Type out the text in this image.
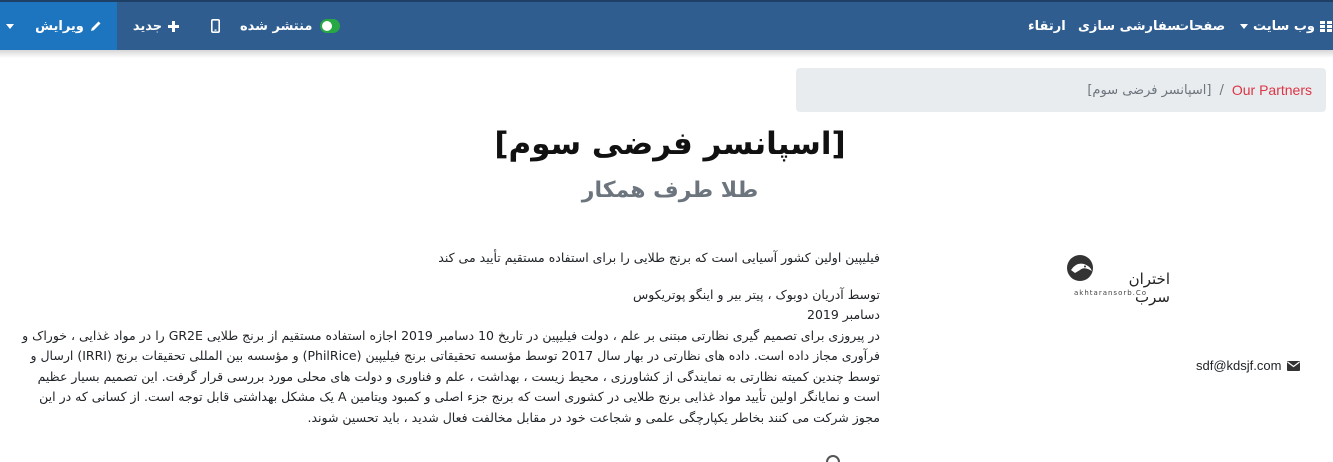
ویرایش	جدید	منتشر شده	ارتقاء سفارشی سازی
صفحات وب سایت
Our Partners
/
[اسپانسر فرضی سوم]
[اسپانسر فرضی سوم]
طلا طرف همکار
اختران سرب
akhtaransorb.Co
sdf@kdsjf.com

فیلیپین اولین کشور آسیایی است که برنج طلایی را برای استفاده مستقیم تأیید می کند

توسط آدریان دوبوک ، پیتر بیر و اینگو پوتریکوس

دسامبر 2019

در پیروزی برای تصمیم گیری نظارتی مبتنی بر علم ، دولت فیلیپین در تاریخ 10 دسامبر 2019 اجازه استفاده مستقیم از برنج طلایی GR2E را در مواد غذایی ، خوراک و فرآوری مجاز داده است. داده های نظارتی در بهار سال 2017 توسط مؤسسه تحقیقاتی برنج فیلیپین (PhilRice) و مؤسسه بین المللی تحقیقات برنج (IRRI) ارسال و توسط چندین کمیته نظارتی به نمایندگی از کشاورزی ، محیط زیست ، بهداشت ، علم و فناوری و دولت های محلی مورد بررسی قرار گرفت. این تصمیم بسیار عظیم است و نمایانگر اولین تأیید مواد غذایی برنج طلایی در کشوری است که برنج جزء اصلی و کمبود ویتامین A یک مشکل بهداشتی قابل توجه است. از کسانی که در این مجوز شرکت می کنند بخاطر یکپارچگی علمی و شجاعت خود در مقابل مخالفت فعال شدید ، باید تحسین شوند.
